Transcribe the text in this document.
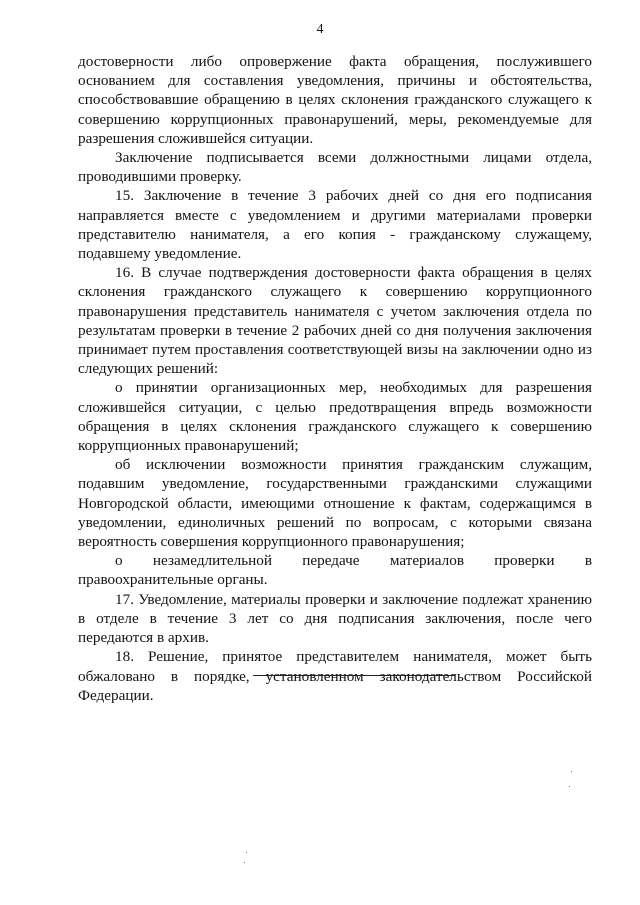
4

достоверности либо опровержение факта обращения, послужившего основанием для составления уведомления, причины и обстоятельства, способствовавшие обращению в целях склонения гражданского служащего к совершению коррупционных правонарушений, меры, рекомендуемые для разрешения сложившейся ситуации.

Заключение подписывается всеми должностными лицами отдела, проводившими проверку.

15. Заключение в течение 3 рабочих дней со дня его подписания направляется вместе с уведомлением и другими материалами проверки представителю нанимателя, а его копия - гражданскому служащему, подавшему уведомление.

16. В случае подтверждения достоверности факта обращения в целях склонения гражданского служащего к совершению коррупционного правонарушения представитель нанимателя с учетом заключения отдела по результатам проверки в течение 2 рабочих дней со дня получения заключения принимает путем проставления соответствующей визы на заключении одно из следующих решений:

о принятии организационных мер, необходимых для разрешения сложившейся ситуации, с целью предотвращения впредь возможности обращения в целях склонения гражданского служащего к совершению коррупционных правонарушений;

об исключении возможности принятия гражданским служащим, подавшим уведомление, государственными гражданскими служащими Новгородской области, имеющими отношение к фактам, содержащимся в уведомлении, единоличных решений по вопросам, с которыми связана вероятность совершения коррупционного правонарушения;

о незамедлительной передаче материалов проверки в правоохранительные органы.

17. Уведомление, материалы проверки и заключение подлежат хранению в отделе в течение 3 лет со дня подписания заключения, после чего передаются в архив.

18. Решение, принятое представителем нанимателя, может быть обжаловано в порядке, установленном законодательством Российской Федерации.
